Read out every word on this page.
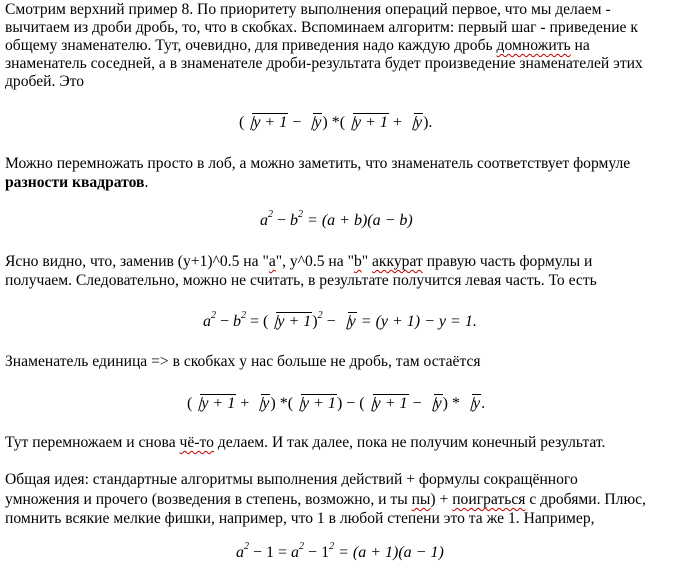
Смотрим верхний пример 8. По приоритету выполнения операций первое, что мы делаем -
вычитаем из дроби дробь, то, что в скобках. Вспоминаем алгоритм: первый шаг - приведение к
общему знаменателю. Тут, очевидно, для приведения надо каждую дробь домножить на
знаменатель соседней, а в знаменателе дроби-результата будет произведение знаменателей этих
дробей. Это
( y + 1 − y) *( y + 1 + y).
Можно перемножать просто в лоб, а можно заметить, что знаменатель соответствует формуле
разности квадратов.
$a^2 - b^2 = (a + b)(a - b)$
Ясно видно, что, заменив (y+1)^0.5 на "a", y^0.5 на "b" аккурат правую часть формулы и
получаем. Следовательно, можно не считать, в результате получится левая часть. То есть
$a^2 - b^2$ = ( y + 1)$^2$ − y = (y + 1) − y = 1.
Знаменатель единица => в скобках у нас больше не дробь, там остаётся
( y + 1 + y) *( y + 1) − ( y + 1 − y) * y.
Тут перемножаем и снова чё-то делаем. И так далее, пока не получим конечный результат.
Общая идея: стандартные алгоритмы выполнения действий + формулы сокращённого
умножения и прочего (возведения в степень, возможно, и ты пы) + поиграться с дробями. Плюс,
помнить всякие мелкие фишки, например, что 1 в любой степени это та же 1. Например,
$a^2 - 1 = a^2 - 1^2 = (a + 1)(a - 1)$
